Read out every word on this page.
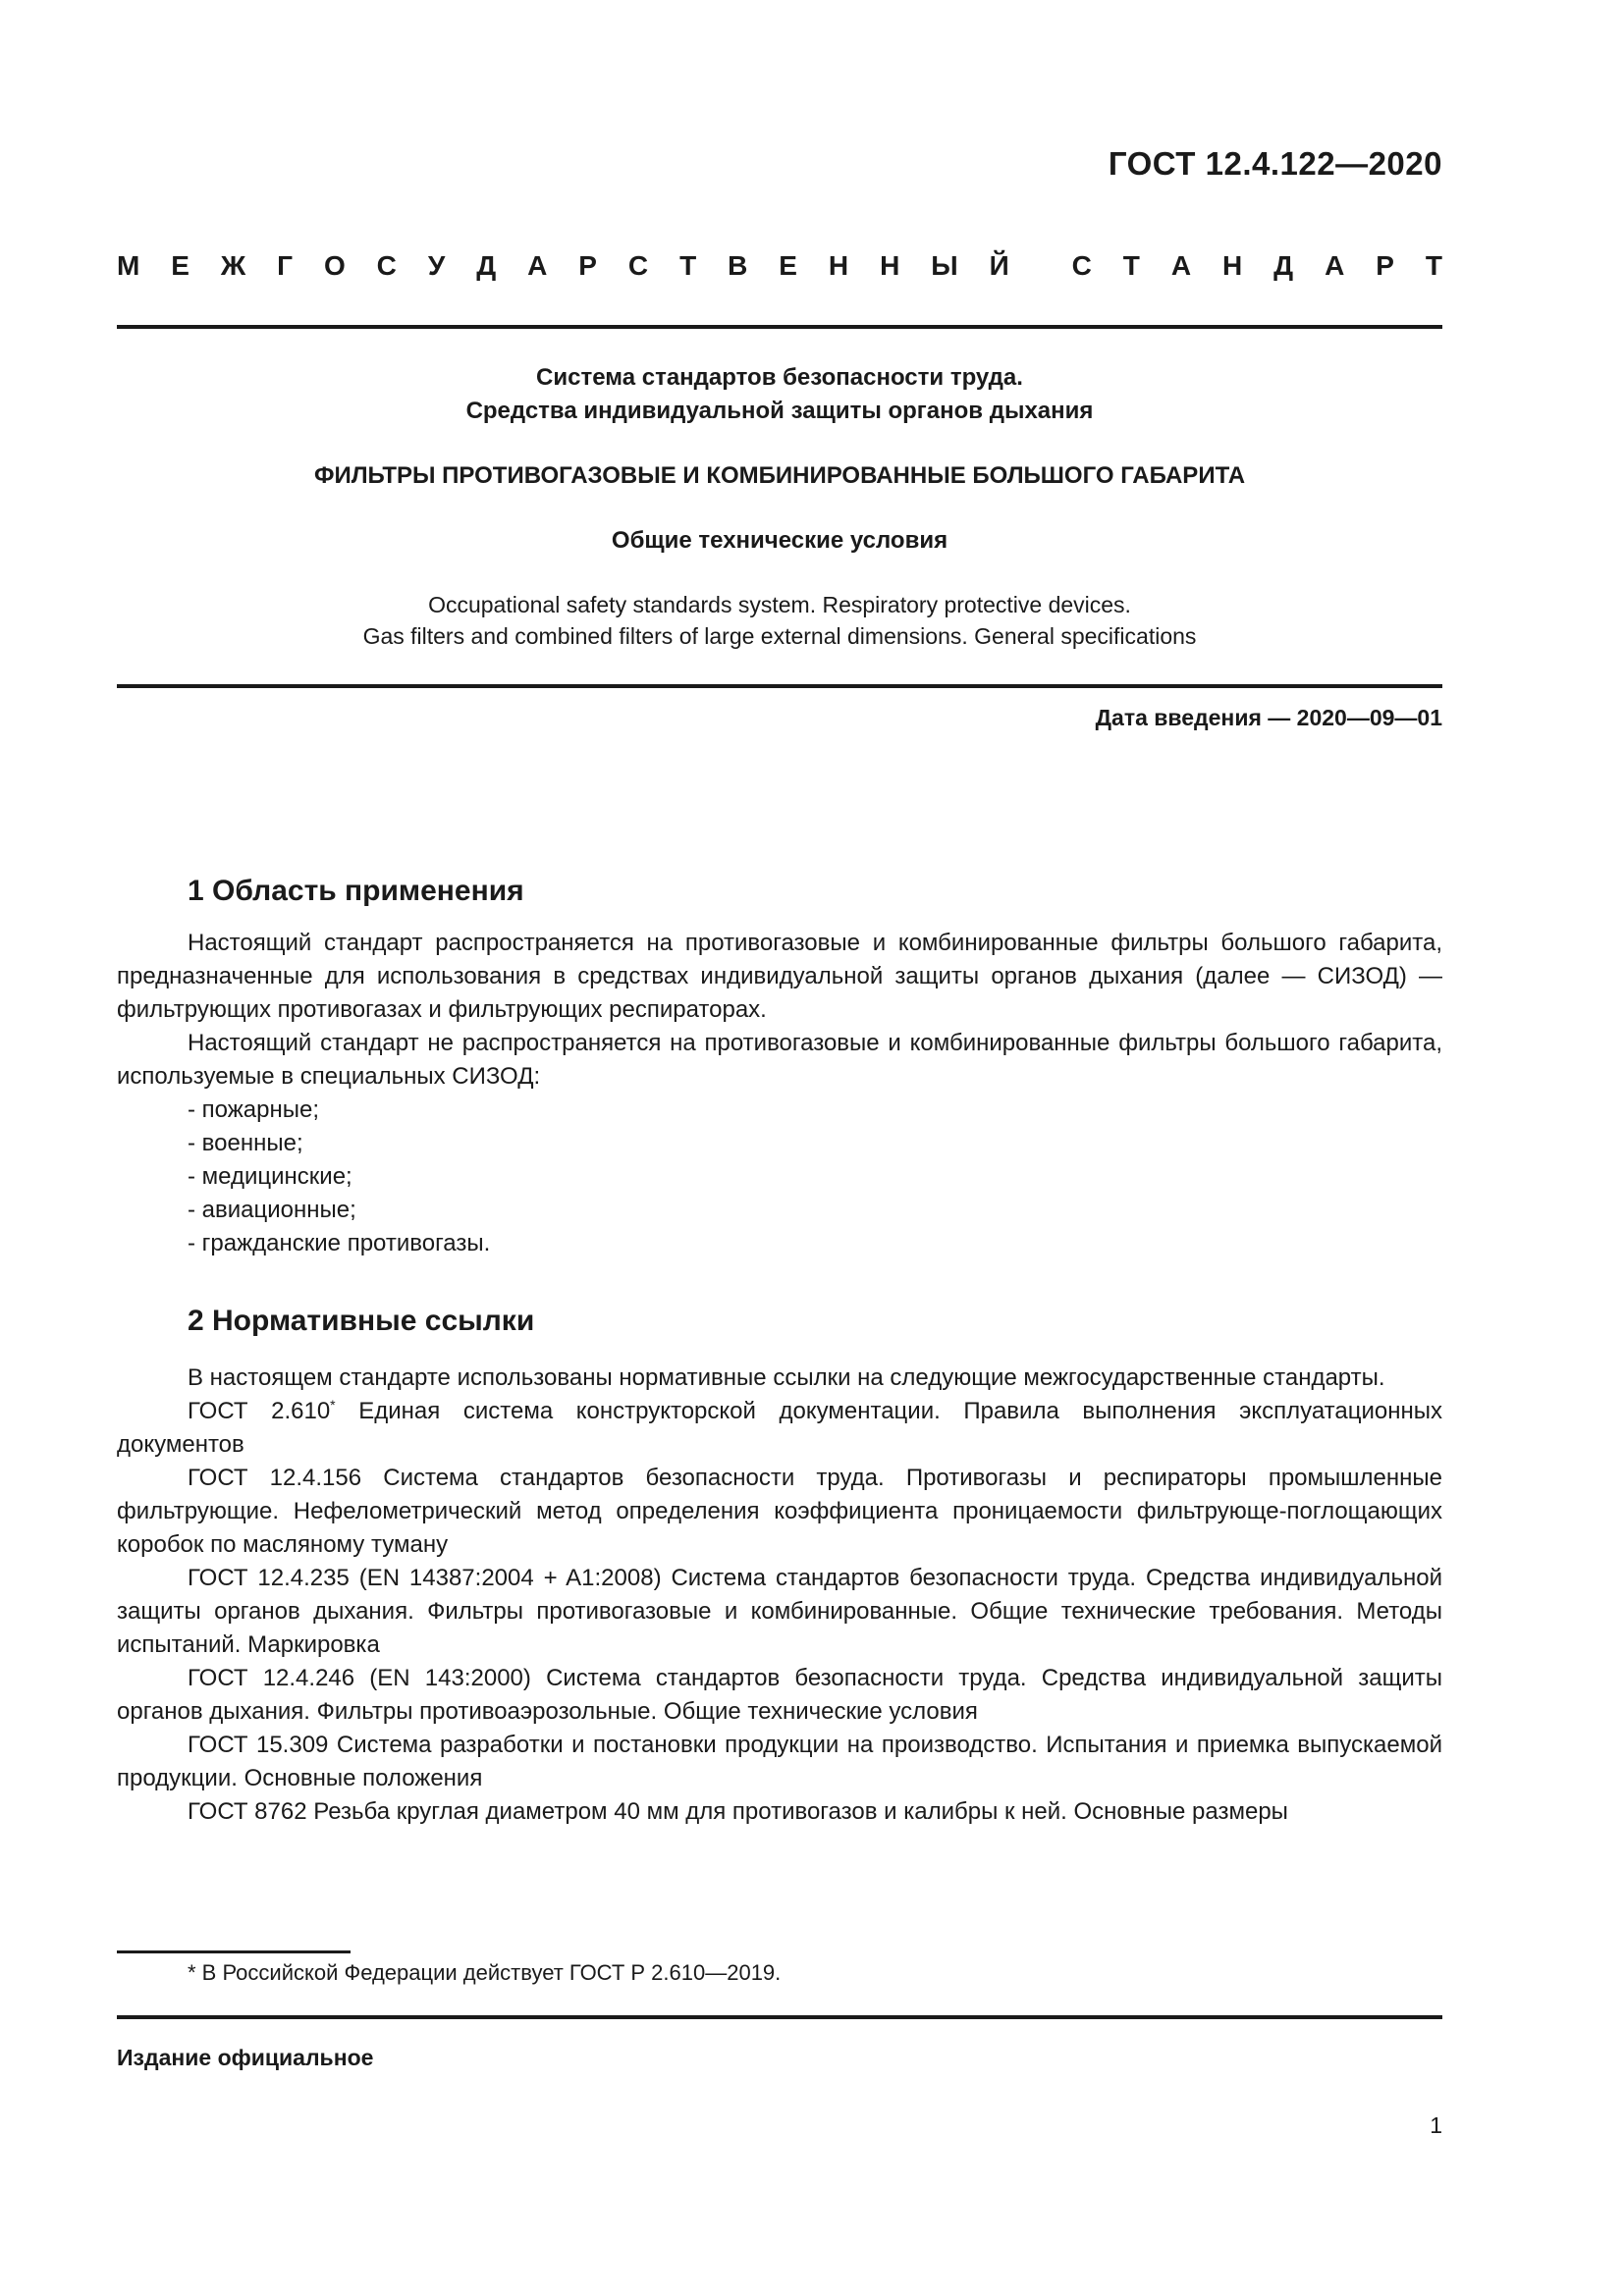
ГОСТ 12.4.122—2020
М Е Ж Г О С У Д А Р С Т В Е Н Н Ы Й С Т А Н Д А Р Т
Система стандартов безопасности труда.
Средства индивидуальной защиты органов дыхания
ФИЛЬТРЫ ПРОТИВОГАЗОВЫЕ И КОМБИНИРОВАННЫЕ БОЛЬШОГО ГАБАРИТА
Общие технические условия
Occupational safety standards system. Respiratory protective devices.
Gas filters and combined filters of large external dimensions. General specifications
Дата введения — 2020—09—01
1 Область применения

Настоящий стандарт распространяется на противогазовые и комбинированные фильтры большого габарита, предназначенные для использования в средствах индивидуальной защиты органов дыхания (далее — СИЗОД) — фильтрующих противогазах и фильтрующих респираторах.

Настоящий стандарт не распространяется на противогазовые и комбинированные фильтры большого габарита, используемые в специальных СИЗОД:

- пожарные;
- военные;
- медицинские;
- авиационные;
- гражданские противогазы.
2 Нормативные ссылки

В настоящем стандарте использованы нормативные ссылки на следующие межгосударственные стандарты.

ГОСТ 2.610* Единая система конструкторской документации. Правила выполнения эксплуатационных документов

ГОСТ 12.4.156 Система стандартов безопасности труда. Противогазы и респираторы промышленные фильтрующие. Нефелометрический метод определения коэффициента проницаемости фильтрующе-поглощающих коробок по масляному туману

ГОСТ 12.4.235 (EN 14387:2004 + A1:2008) Система стандартов безопасности труда. Средства индивидуальной защиты органов дыхания. Фильтры противогазовые и комбинированные. Общие технические требования. Методы испытаний. Маркировка

ГОСТ 12.4.246 (EN 143:2000) Система стандартов безопасности труда. Средства индивидуальной защиты органов дыхания. Фильтры противоаэрозольные. Общие технические условия

ГОСТ 15.309 Система разработки и постановки продукции на производство. Испытания и приемка выпускаемой продукции. Основные положения

ГОСТ 8762 Резьба круглая диаметром 40 мм для противогазов и калибры к ней. Основные размеры

* В Российской Федерации действует ГОСТ Р 2.610—2019.
Издание официальное
1
